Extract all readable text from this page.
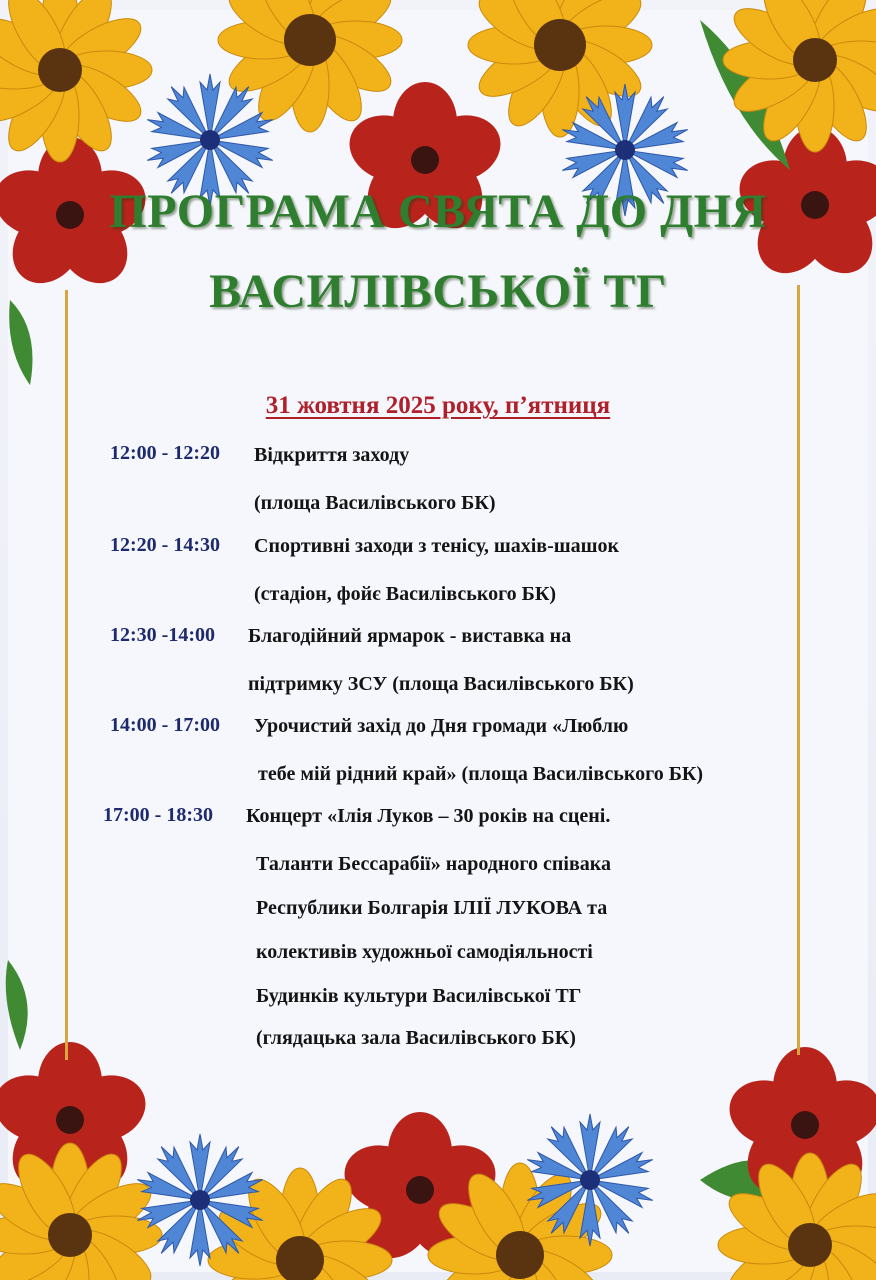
ПРОГРАМА СВЯТА ДО ДНЯ
ВАСИЛІВСЬКОЇ ТГ
31 жовтня 2025 року, п’ятниця
12:00 - 12:20 Відкриття заходу
(площа Василівського БК)
12:20 - 14:30 Спортивні заходи з тенісу, шахів-шашок
(стадіон, фойє Василівського БК)
12:30 -14:00 Благодійний ярмарок - виставка на
підтримку ЗСУ (площа Василівського БК)
14:00 - 17:00 Урочистий захід до Дня громади «Люблю
тебе мій рідний край» (площа Василівського БК)
17:00 - 18:30 Концерт «Ілія Луков – 30 років на сцені.
Таланти Бессарабії» народного співака
Республики Болгарія ІЛІЇ ЛУКОВА та
колективів художньої самодіяльності
Будинків культури Василівської ТГ
(глядацька зала Василівського БК)
